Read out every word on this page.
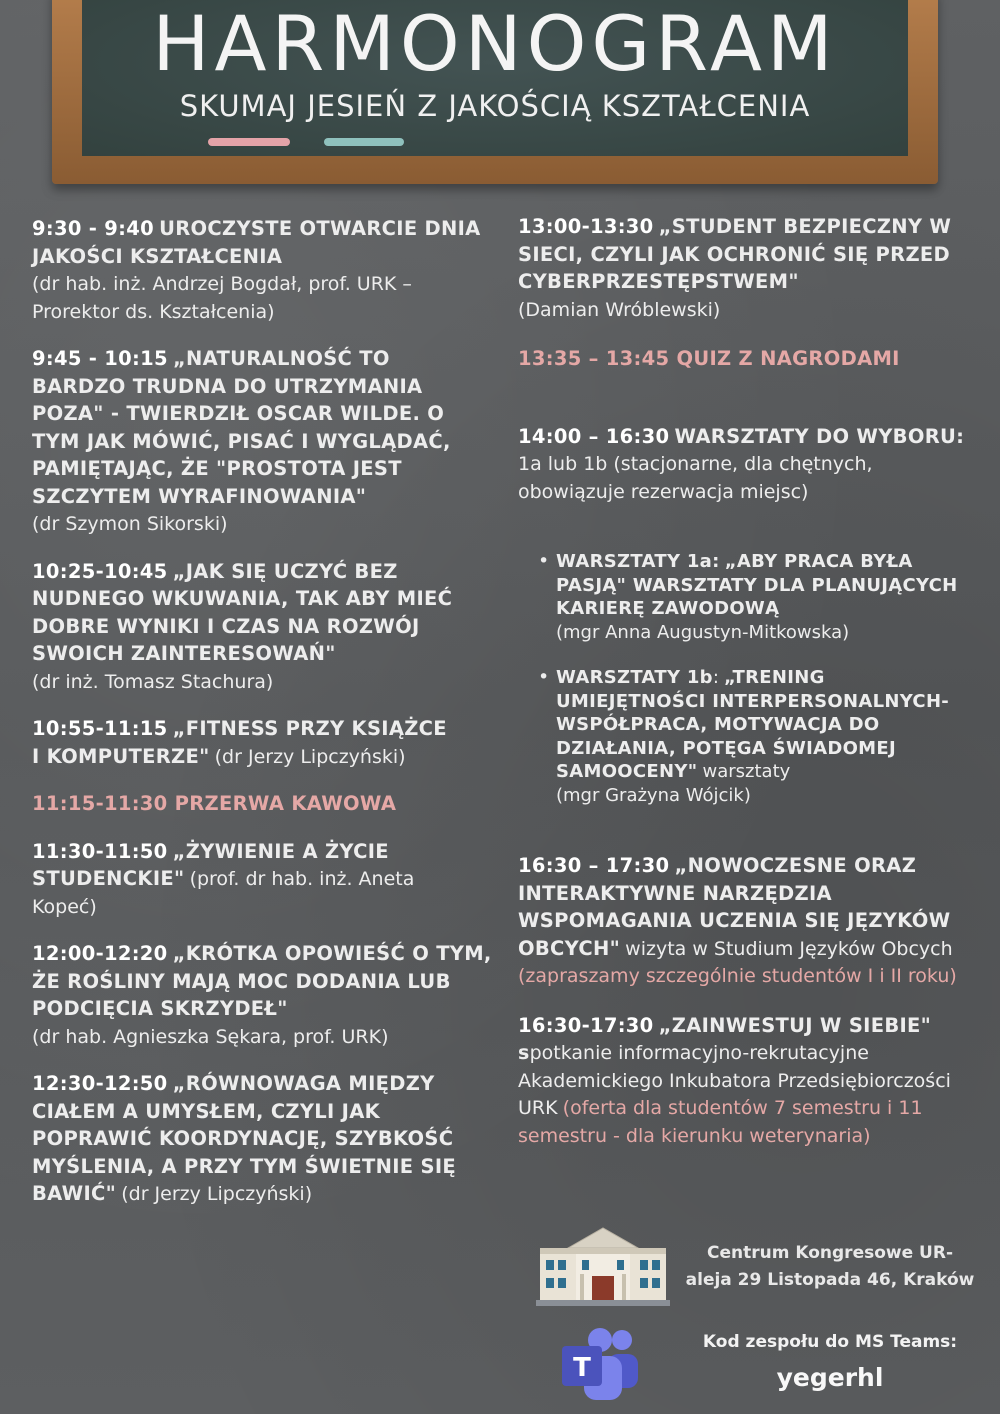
HARMONOGRAM
SKUMAJ JESIEŃ Z JAKOŚCIĄ KSZTAŁCENIA

9:30 - 9:40 UROCZYSTE OTWARCIE DNIA JAKOŚCI KSZTAŁCENIA
(dr hab. inż. Andrzej Bogdał, prof. URK – Prorektor ds. Kształcenia)

9:45 - 10:15 „NATURALNOŚĆ TO BARDZO TRUDNA DO UTRZYMANIA POZA" - TWIERDZIŁ OSCAR WILDE. O TYM JAK MÓWIĆ, PISAĆ I WYGLĄDAĆ, PAMIĘTAJĄC, ŻE "PROSTOTA JEST SZCZYTEM WYRAFINOWANIA"
(dr Szymon Sikorski)

10:25-10:45 „JAK SIĘ UCZYĆ BEZ NUDNEGO WKUWANIA, TAK ABY MIEĆ DOBRE WYNIKI I CZAS NA ROZWÓJ SWOICH ZAINTERESOWAŃ"
(dr inż. Tomasz Stachura)

10:55-11:15 „FITNESS PRZY KSIĄŻCE I KOMPUTERZE" (dr Jerzy Lipczyński)

11:15-11:30 PRZERWA KAWOWA

11:30-11:50 „ŻYWIENIE A ŻYCIE STUDENCKIE" (prof. dr hab. inż. Aneta Kopeć)

12:00-12:20 „KRÓTKA OPOWIEŚĆ O TYM, ŻE ROŚLINY MAJĄ MOC DODANIA LUB PODCIĘCIA SKRZYDEŁ"
(dr hab. Agnieszka Sękara, prof. URK)

12:30-12:50 „RÓWNOWAGA MIĘDZY CIAŁEM A UMYSŁEM, CZYLI JAK POPRAWIĆ KOORDYNACJĘ, SZYBKOŚĆ MYŚLENIA, A PRZY TYM ŚWIETNIE SIĘ BAWIĆ" (dr Jerzy Lipczyński)

13:00-13:30 „STUDENT BEZPIECZNY W SIECI, CZYLI JAK OCHRONIĆ SIĘ PRZED CYBERPRZESTĘPSTWEM"
(Damian Wróblewski)

13:35 – 13:45 QUIZ Z NAGRODAMI

14:00 – 16:30 WARSZTATY DO WYBORU: 1a lub 1b (stacjonarne, dla chętnych, obowiązuje rezerwacja miejsc)

• WARSZTATY 1a: „ABY PRACA BYŁA PASJĄ" WARSZTATY DLA PLANUJĄCYCH KARIERĘ ZAWODOWĄ
(mgr Anna Augustyn-Mitkowska)
• WARSZTATY 1b: „TRENING UMIEJĘTNOŚCI INTERPERSONALNYCH- WSPÓŁPRACA, MOTYWACJA DO DZIAŁANIA, POTĘGA ŚWIADOMEJ SAMOOCENY" warsztaty
(mgr Grażyna Wójcik)

16:30 – 17:30 „NOWOCZESNE ORAZ INTERAKTYWNE NARZĘDZIA WSPOMAGANIA UCZENIA SIĘ JĘZYKÓW OBCYCH" wizyta w Studium Języków Obcych (zapraszamy szczególnie studentów I i II roku)

16:30-17:30 „ZAINWESTUJ W SIEBIE"
spotkanie informacyjno-rekrutacyjne Akademickiego Inkubatora Przedsiębiorczości URK (oferta dla studentów 7 semestru i 11 semestru - dla kierunku weterynaria)

Centrum Kongresowe UR-
aleja 29 Listopada 46, Kraków
T
Kod zespołu do MS Teams:
yegerhl
